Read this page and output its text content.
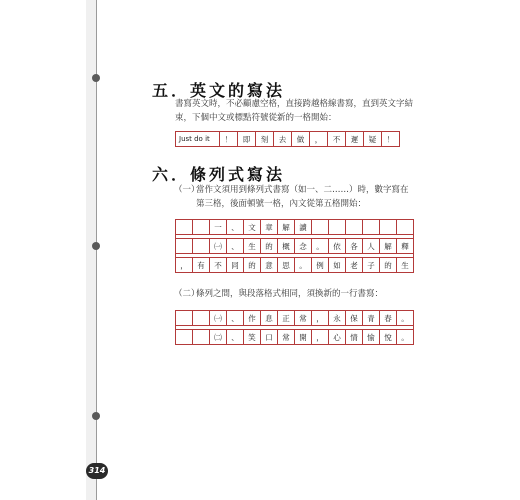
五．英文的寫法
書寫英文時，不必顧慮空格，直接跨越格線書寫，直到英文字結束，下個中文或標點符號從新的一格開始：
Just do it	！	即	刻	去	做	，	不	遲	疑	！
六．條列式寫法
（一）
當作文須用到條列式書寫（如一、二……）時，數字寫在第三格，後面頓號一格，內文從第五格開始：
		一	、	文	章	解	讀						

		㈠	、	生	的	概	念	。	依	各	人	解	釋

，	有	不	同	的	意	思	。	例	如	老	子	的	生
（二）
條列之間，與段落格式相同，須換新的一行書寫：
		㈠	、	作	息	正	常	，	永	保	青	春	。

		㈡	、	笑	口	常	開	，	心	情	愉	悅	。
314
